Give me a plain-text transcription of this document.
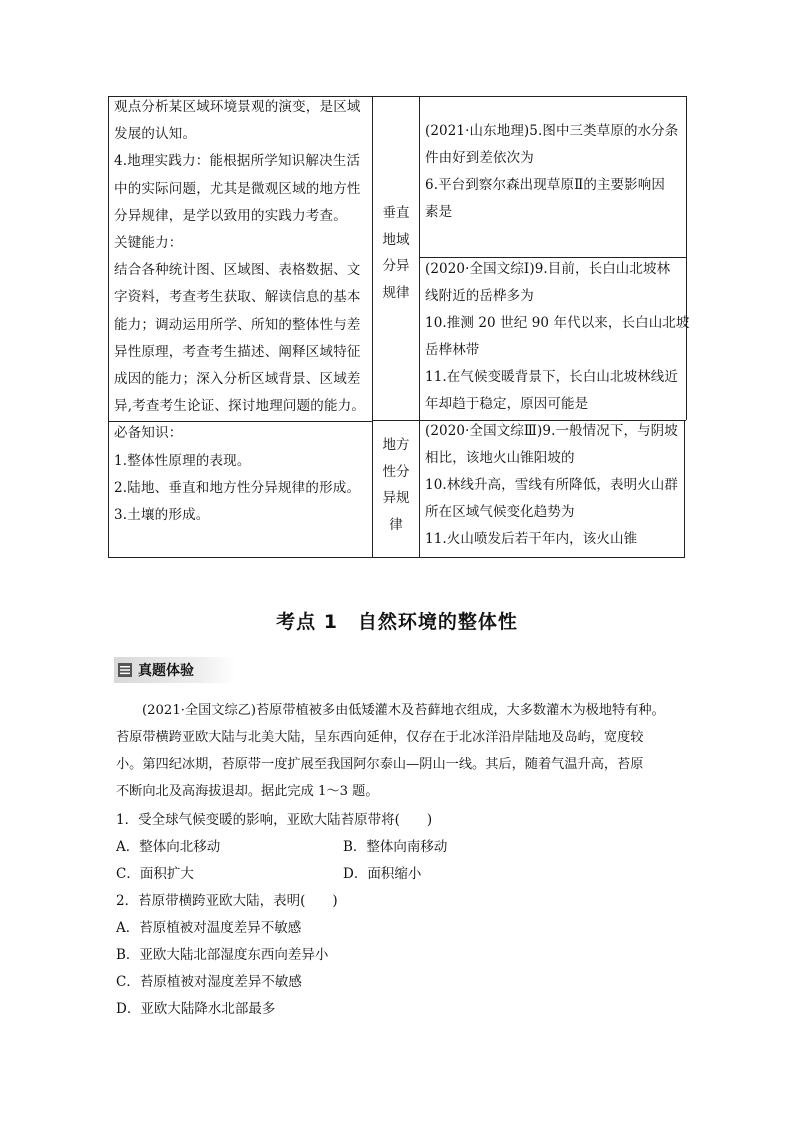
观点分析某区域环境景观的演变，是区域
发展的认知。
4.地理实践力：能根据所学知识解决生活
中的实际问题，尤其是微观区域的地方性
分异规律，是学以致用的实践力考查。
关键能力：
结合各种统计图、区域图、表格数据、文
字资料，考查考生获取、解读信息的基本
能力；调动运用所学、所知的整体性与差
异性原理，考查考生描述、阐释区域特征
成因的能力；深入分析区域背景、区域差
异,考查考生论证、探讨地理问题的能力。
必备知识：
1.整体性原理的表现。
2.陆地、垂直和地方性分异规律的形成。
3.土壤的形成。
垂直
地域
分异
规律
地方
性分
异规
律
(2021·山东地理)5.图中三类草原的水分条
件由好到差依次为
6.平台到察尔森出现草原Ⅱ的主要影响因
素是
(2020·全国文综Ⅰ)9.目前，长白山北坡林
线附近的岳桦多为
10.推测 20 世纪 90 年代以来，长白山北坡
岳桦林带
11.在气候变暖背景下，长白山北坡林线近
年却趋于稳定，原因可能是
(2020·全国文综Ⅲ)9.一般情况下，与阴坡
相比，该地火山锥阳坡的
10.林线升高，雪线有所降低，表明火山群
所在区域气候变化趋势为
11.火山喷发后若干年内，该火山锥
考点 1　自然环境的整体性
真题体验
(2021·全国文综乙)苔原带植被多由低矮灌木及苔藓地衣组成，大多数灌木为极地特有种。
苔原带横跨亚欧大陆与北美大陆，呈东西向延伸，仅存在于北冰洋沿岸陆地及岛屿，宽度较
小。第四纪冰期，苔原带一度扩展至我国阿尔泰山—阴山一线。其后，随着气温升高，苔原
不断向北及高海拔退却。据此完成 1～3 题。
1．受全球气候变暖的影响，亚欧大陆苔原带将(　　)
A．整体向北移动	B．整体向南移动
C．面积扩大	D．面积缩小
2．苔原带横跨亚欧大陆，表明(　　)
A．苔原植被对温度差异不敏感
B．亚欧大陆北部湿度东西向差异小
C．苔原植被对湿度差异不敏感
D．亚欧大陆降水北部最多
